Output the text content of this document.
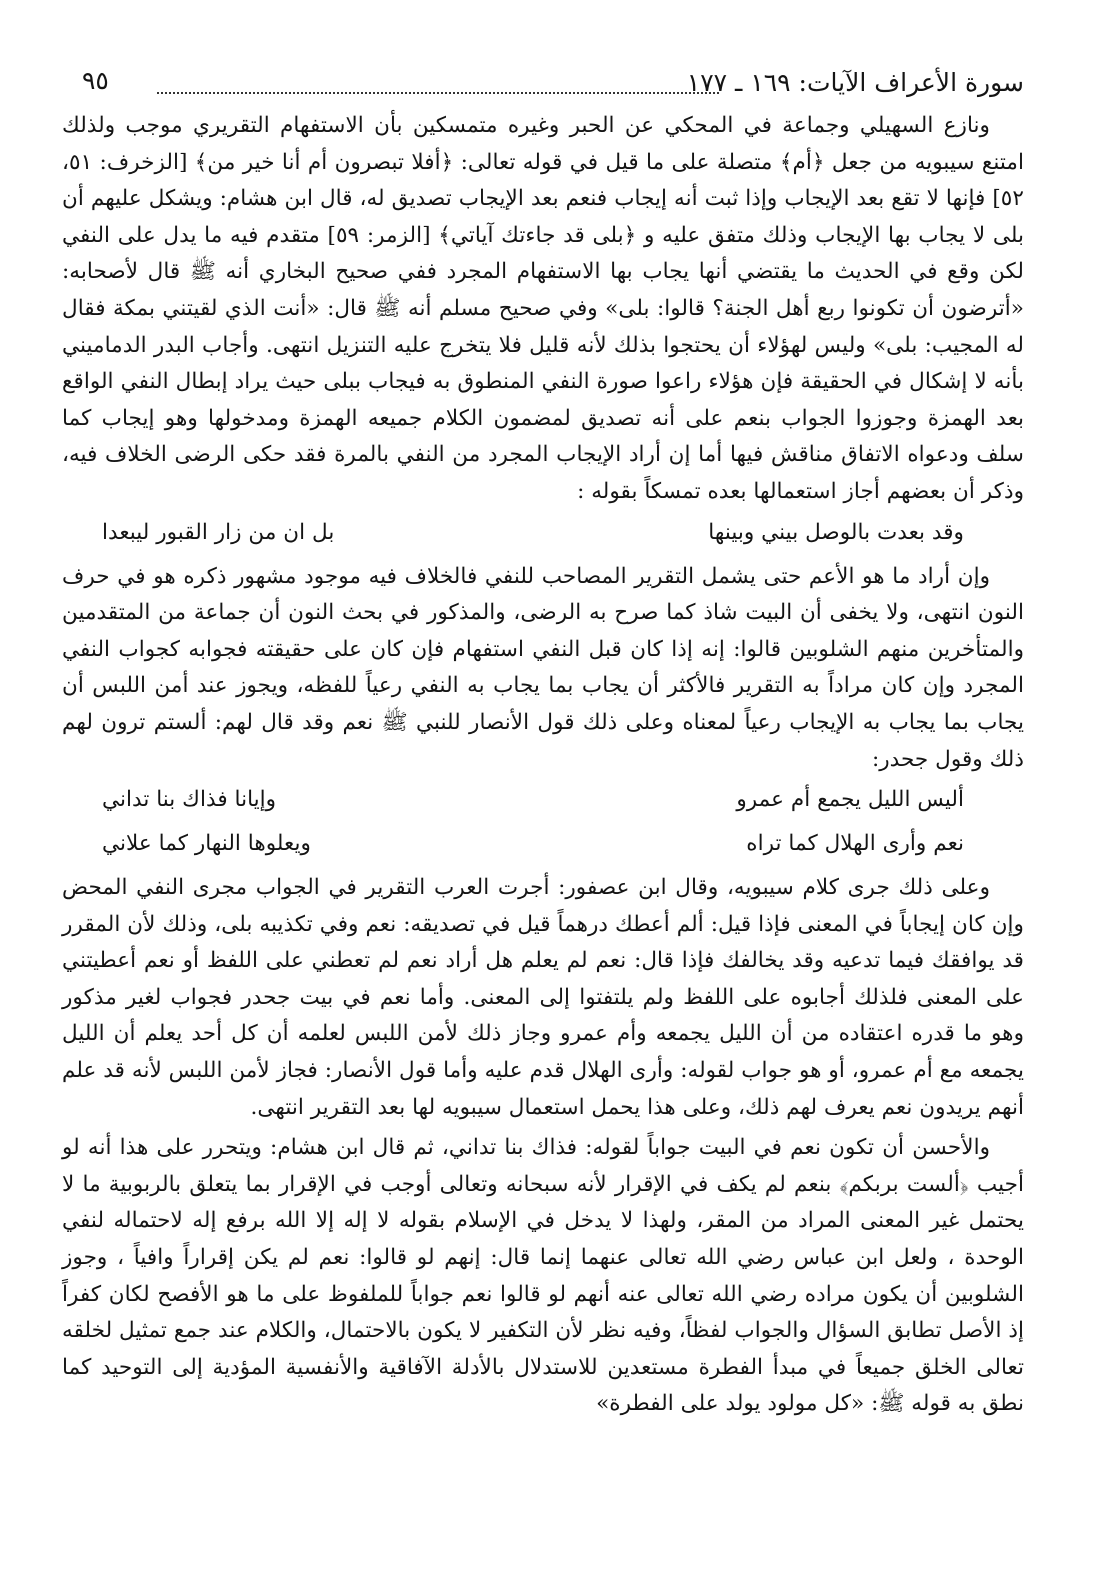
سورة الأعراف الآيات: ١٦٩ ـ ١٧٧
٩٥

ونازع السهيلي وجماعة في المحكي عن الحبر وغيره متمسكين بأن الاستفهام التقريري موجب ولذلك امتنع سيبويه من جعل ﴿أم﴾ متصلة على ما قيل في قوله تعالى: ﴿أفلا تبصرون أم أنا خير من﴾ [الزخرف: ٥١، ٥٢] فإنها لا تقع بعد الإيجاب وإذا ثبت أنه إيجاب فنعم بعد الإيجاب تصديق له، قال ابن هشام: ويشكل عليهم أن بلى لا يجاب بها الإيجاب وذلك متفق عليه و ﴿بلى قد جاءتك آياتي﴾ [الزمر: ٥٩] متقدم فيه ما يدل على النفي لكن وقع في الحديث ما يقتضي أنها يجاب بها الاستفهام المجرد ففي صحيح البخاري أنه ﷺ قال لأصحابه: «أترضون أن تكونوا ربع أهل الجنة؟ قالوا: بلى» وفي صحيح مسلم أنه ﷺ قال: «أنت الذي لقيتني بمكة فقال له المجيب: بلى» وليس لهؤلاء أن يحتجوا بذلك لأنه قليل فلا يتخرج عليه التنزيل انتهى. وأجاب البدر الدماميني بأنه لا إشكال في الحقيقة فإن هؤلاء راعوا صورة النفي المنطوق به فيجاب ببلى حيث يراد إبطال النفي الواقع بعد الهمزة وجوزوا الجواب بنعم على أنه تصديق لمضمون الكلام جميعه الهمزة ومدخولها وهو إيجاب كما سلف ودعواه الاتفاق مناقش فيها أما إن أراد الإيجاب المجرد من النفي بالمرة فقد حكى الرضى الخلاف فيه، وذكر أن بعضهم أجاز استعمالها بعده تمسكاً بقوله :

وقد بعدت بالوصل بيني وبينها
بل ان من زار القبور ليبعدا

وإن أراد ما هو الأعم حتى يشمل التقرير المصاحب للنفي فالخلاف فيه موجود مشهور ذكره هو في حرف النون انتهى، ولا يخفى أن البيت شاذ كما صرح به الرضى، والمذكور في بحث النون أن جماعة من المتقدمين والمتأخرين منهم الشلوبين قالوا: إنه إذا كان قبل النفي استفهام فإن كان على حقيقته فجوابه كجواب النفي المجرد وإن كان مراداً به التقرير فالأكثر أن يجاب بما يجاب به النفي رعياً للفظه، ويجوز عند أمن اللبس أن يجاب بما يجاب به الإيجاب رعياً لمعناه وعلى ذلك قول الأنصار للنبي ﷺ نعم وقد قال لهم: ألستم ترون لهم ذلك وقول جحدر:

أليس الليل يجمع أم عمرو
وإيانا فذاك بنا تداني
نعم وأرى الهلال كما تراه
ويعلوها النهار كما علاني

وعلى ذلك جرى كلام سيبويه، وقال ابن عصفور: أجرت العرب التقرير في الجواب مجرى النفي المحض وإن كان إيجاباً في المعنى فإذا قيل: ألم أعطك درهماً قيل في تصديقه: نعم وفي تكذيبه بلى، وذلك لأن المقرر قد يوافقك فيما تدعيه وقد يخالفك فإذا قال: نعم لم يعلم هل أراد نعم لم تعطني على اللفظ أو نعم أعطيتني على المعنى فلذلك أجابوه على اللفظ ولم يلتفتوا إلى المعنى. وأما نعم في بيت جحدر فجواب لغير مذكور وهو ما قدره اعتقاده من أن الليل يجمعه وأم عمرو وجاز ذلك لأمن اللبس لعلمه أن كل أحد يعلم أن الليل يجمعه مع أم عمرو، أو هو جواب لقوله: وأرى الهلال قدم عليه وأما قول الأنصار: فجاز لأمن اللبس لأنه قد علم أنهم يريدون نعم يعرف لهم ذلك، وعلى هذا يحمل استعمال سيبويه لها بعد التقرير انتهى.

والأحسن أن تكون نعم في البيت جواباً لقوله: فذاك بنا تداني، ثم قال ابن هشام: ويتحرر على هذا أنه لو أجيب ﴿ألست بربكم﴾ بنعم لم يكف في الإقرار لأنه سبحانه وتعالى أوجب في الإقرار بما يتعلق بالربوبية ما لا يحتمل غير المعنى المراد من المقر، ولهذا لا يدخل في الإسلام بقوله لا إله إلا الله برفع إله لاحتماله لنفي الوحدة ، ولعل ابن عباس رضي الله تعالى عنهما إنما قال: إنهم لو قالوا: نعم لم يكن إقراراً وافياً ، وجوز الشلوبين أن يكون مراده رضي الله تعالى عنه أنهم لو قالوا نعم جواباً للملفوظ على ما هو الأفصح لكان كفراً إذ الأصل تطابق السؤال والجواب لفظاً، وفيه نظر لأن التكفير لا يكون بالاحتمال، والكلام عند جمع تمثيل لخلقه تعالى الخلق جميعاً في مبدأ الفطرة مستعدين للاستدلال بالأدلة الآفاقية والأنفسية المؤدية إلى التوحيد كما نطق به قوله ﷺ: «كل مولود يولد على الفطرة»
